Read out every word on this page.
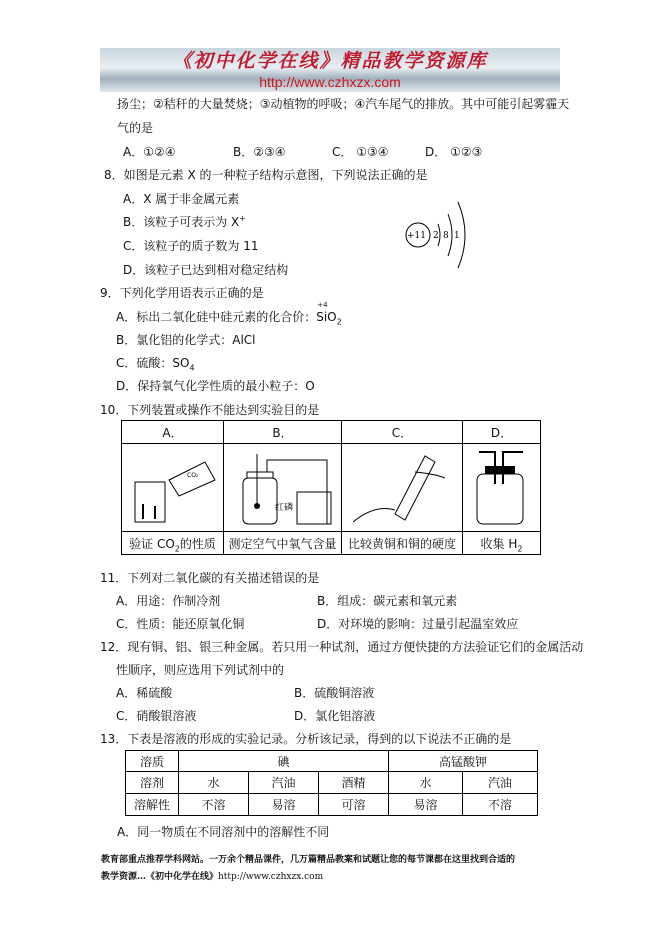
《初中化学在线》精品教学资源库
http://www.czhxzx.com
扬尘；②秸秆的大量焚烧；③动植物的呼吸；④汽车尾气的排放。其中可能引起雾霾天
气的是
A．①②④	B．②③④	C． ①③④	D． ①②③
8．如图是元素 X 的一种粒子结构示意图，下列说法正确的是
A．X 属于非金属元素
B．该粒子可表示为 X+
C．该粒子的质子数为 11
D．该粒子已达到相对稳定结构
+11 2 8 1
9．下列化学用语表示正确的是
A．标出二氧化硅中硅元素的化合价：
+4
SiO$_2$
B．氯化铝的化学式：AlCl
C．硫酸：$SO_4$
D．保持氧气化学性质的最小粒子：O
10．下列装置或操作不能达到实验目的是
A．	B．	C．	D．

CO₂	红磷

验证 $CO_2$的性质	测定空气中氧气含量	比较黄铜和铜的硬度	收集 $H_2$
11．下列对二氧化碳的有关描述错误的是
A．用途：作制冷剂	B．组成：碳元素和氧元素
C．性质：能还原氧化铜	D．对环境的影响：过量引起温室效应
12．现有铜、铝、银三种金属。若只用一种试剂，通过方便快捷的方法验证它们的金属活动
性顺序，则应选用下列试剂中的
A．稀硫酸	B．硫酸铜溶液
C．硝酸银溶液	D．氯化铝溶液
13．下表是溶液的形成的实验记录。分析该记录，得到的以下说法不正确的是
溶质	碘			高锰酸钾	
溶剂	水	汽油	酒精	水	汽油
溶解性	不溶	易溶	可溶	易溶	不溶
A．同一物质在不同溶剂中的溶解性不同
教育部重点推荐学科网站。一万余个精品课件，几万篇精品教案和试题让您的每节课都在这里找到合适的
教学资源…《初中化学在线》http://www.czhxzx.com
